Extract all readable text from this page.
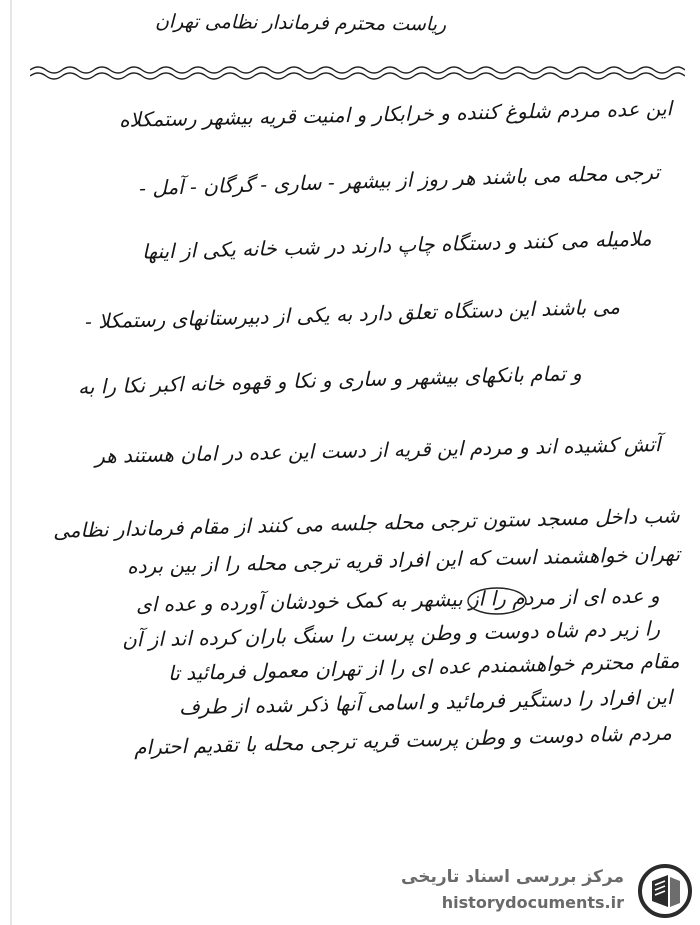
ریاست محترم فرماندار نظامی تهران
این عده مردم شلوغ کننده و خرابکار و امنیت قریه بیشهر رستمکلاه
ترجی محله می باشند هر روز از بیشهر - ساری - گرگان - آمل -
ملامیله می کنند و دستگاه چاپ دارند در شب خانه یکی از اینها
می باشند این دستگاه تعلق دارد به یکی از دبیرستانهای رستمکلا -
و تمام بانکهای بیشهر و ساری و نکا و قهوه خانه اکبر نکا را به
آتش کشیده اند و مردم این قریه از دست این عده در امان هستند هر
شب داخل مسجد ستون ترجی محله جلسه می کنند از مقام فرماندار نظامی
تهران خواهشمند است که این افراد قریه ترجی محله را از بین برده
و عده ای از مردم را از بیشهر به کمک خودشان آورده و عده ای
را زیر دم شاه دوست و وطن پرست را سنگ باران کرده اند از آن
مقام محترم خواهشمندم عده ای را از تهران معمول فرمائید تا
این افراد را دستگیر فرمائید و اسامی آنها ذکر شده از طرف
مردم شاه دوست و وطن پرست قریه ترجی محله با تقدیم احترام
مرکز بررسی اسناد تاریخی
historydocuments.ir
